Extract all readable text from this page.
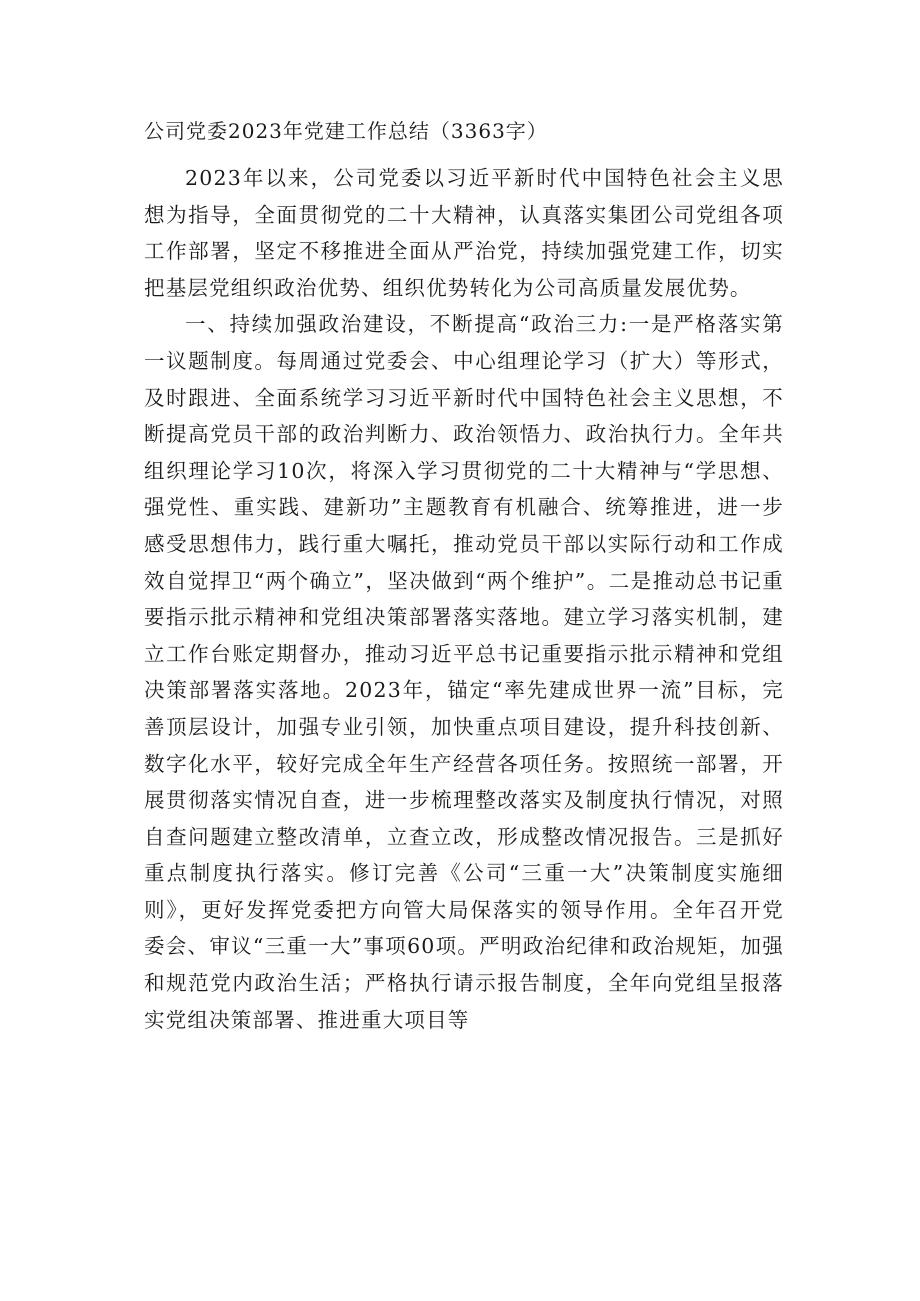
公司党委2023年党建工作总结（3363字）

2023年以来，公司党委以习近平新时代中国特色社会主义思想为指导，全面贯彻党的二十大精神，认真落实集团公司党组各项工作部署，坚定不移推进全面从严治党，持续加强党建工作，切实把基层党组织政治优势、组织优势转化为公司高质量发展优势。

一、持续加强政治建设，不断提高“政治三力:一是严格落实第一议题制度。每周通过党委会、中心组理论学习（扩大）等形式，及时跟进、全面系统学习习近平新时代中国特色社会主义思想，不断提高党员干部的政治判断力、政治领悟力、政治执行力。全年共组织理论学习10次，将深入学习贯彻党的二十大精神与“学思想、强党性、重实践、建新功”主题教育有机融合、统筹推进，进一步感受思想伟力，践行重大嘱托，推动党员干部以实际行动和工作成效自觉捍卫“两个确立”，坚决做到“两个维护”。二是推动总书记重要指示批示精神和党组决策部署落实落地。建立学习落实机制，建立工作台账定期督办，推动习近平总书记重要指示批示精神和党组决策部署落实落地。2023年，锚定“率先建成世界一流”目标，完善顶层设计，加强专业引领，加快重点项目建设，提升科技创新、数字化水平，较好完成全年生产经营各项任务。按照统一部署，开展贯彻落实情况自查，进一步梳理整改落实及制度执行情况，对照自查问题建立整改清单，立查立改，形成整改情况报告。三是抓好重点制度执行落实。修订完善《公司“三重一大”决策制度实施细则》，更好发挥党委把方向管大局保落实的领导作用。全年召开党委会、审议“三重一大”事项60项。严明政治纪律和政治规矩，加强和规范党内政治生活；严格执行请示报告制度，全年向党组呈报落实党组决策部署、推进重大项目等
